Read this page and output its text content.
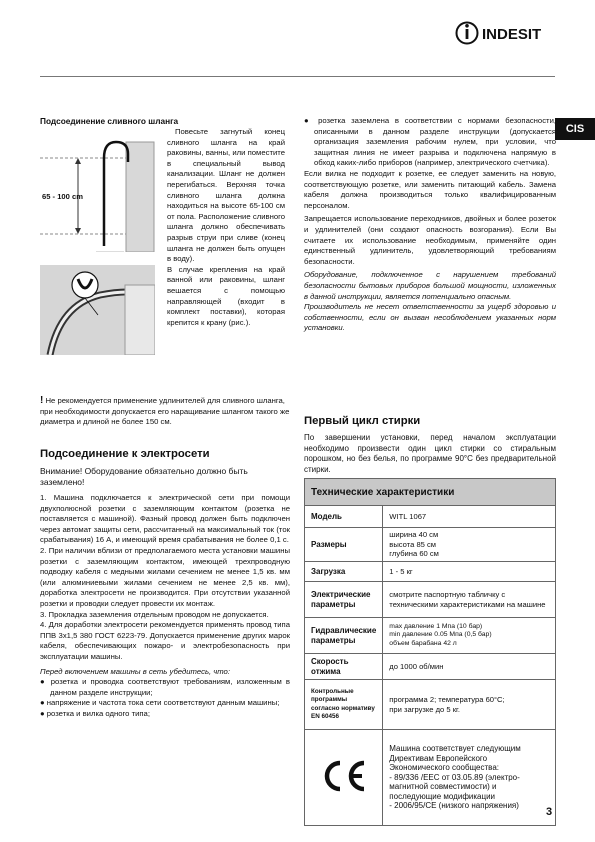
INDESIT
CIS
Подсоединение сливного шланга
65 - 100 cm

Повесьте загнутый конец сливного шланга на край раковины, ванны, или поместите в специальный вывод канализации. Шланг не должен перегибаться. Верхняя точка сливного шланга должна находиться на высоте 65-100 см от пола. Расположение сливного шланга должно обеспечивать разрыв струи при сливе (конец шланга не должен быть опущен в воду).

В случае крепления на край ванной или раковины, шланг вешается с помощью направляющей (входит в комплект поставки), которая крепится к крану (рис.).

! Не рекомендуется применение удлинителей для сливного шланга, при необходимости допускается его наращивание шлангом такого же диаметра и длиной не более 150 см.
Подсоединение к электросети
Внимание! Оборудование обязательно должно быть заземлено!

1. Машина подключается к электрической сети при помощи двухполюсной розетки с заземляющим контактом (розетка не поставляется с машиной). Фазный провод должен быть подключен через автомат защиты сети, рассчитанный на максимальный ток (ток срабатывания) 16 А, и имеющий время срабатывания не более 0,1 с.

2. При наличии вблизи от предполагаемого места установки машины розетки с заземляющим контактом, имеющей трехпроводную подводку кабеля с медными жилами сечением не менее 1,5 кв. мм (или алюминиевыми жилами сечением не менее 2,5 кв. мм), доработка электросети не производится. При отсутствии указанной розетки и проводки следует провести их монтаж.

3. Прокладка заземления отдельным проводом не допускается.

4. Для доработки электросети рекомендуется применять провод типа ППВ 3х1,5 380 ГОСТ 6223-79. Допускается применение других марок кабеля, обеспечивающих пожаро- и электробезопасность при эксплуатации машины.

Перед включением машины в сеть убедитесь, что:

● розетка и проводка соответствуют требованиям, изложенным в данном разделе инструкции;

● напряжение и частота тока сети соответствуют данным машины;

● розетка и вилка одного типа;

● розетка заземлена в соответствии с нормами безопасности, описанными в данном разделе инструкции (допускается организация заземления рабочим нулем, при условии, что защитная линия не имеет разрыва и подключена напрямую в обход каких-либо приборов (например, электрического счетчика).

Если вилка не подходит к розетке, ее следует заменить на новую, соответствующую розетке, или заменить питающий кабель. Замена кабеля должна производиться только квалифицированным персоналом.

Запрещается использование переходников, двойных и более розеток и удлинителей (они создают опасность возгорания). Если Вы считаете их использование необходимым, применяйте один единственный удлинитель, удовлетворяющий требованиям безопасности.

Оборудование, подключенное с нарушением требований безопасности бытовых приборов большой мощности, изложенных в данной инструкции, является потенциально опасным.

Производитель не несет ответственности за ущерб здоровью и собственности, если он вызван несоблюдением указанных норм установки.

Первый цикл стирки
По завершении установки, перед началом эксплуатации необходимо произвести один цикл стирки со стиральным порошком, но без белья, по программе 90°С без предварительной стирки.
Технические характеристики	
Модель	WITL 1067
Размеры	ширина 40 см
высота 85 см
глубина 60 см
Загрузка	1 - 5 кг
Электрические параметры	смотрите паспортную табличку с техническими характеристиками на машине
Гидравлические параметры	max давление 1 Мпа (10 бар)
min давление 0.05 Мпа (0,5 бар)
объем барабана 42 л
Скорость отжима	до 1000 об/мин
Контрольные программы согласно нормативу EN 60456	программа 2; температура 60°С;
при загрузке до 5 кг.
	Машина соответствует следующим Директивам Европейского Экономического сообщества:
- 89/336 /ЕЕС от 03.05.89 (электро-магнитной совместимости) и последующие модификации
- 2006/95/CE (низкого напряжения)
3
